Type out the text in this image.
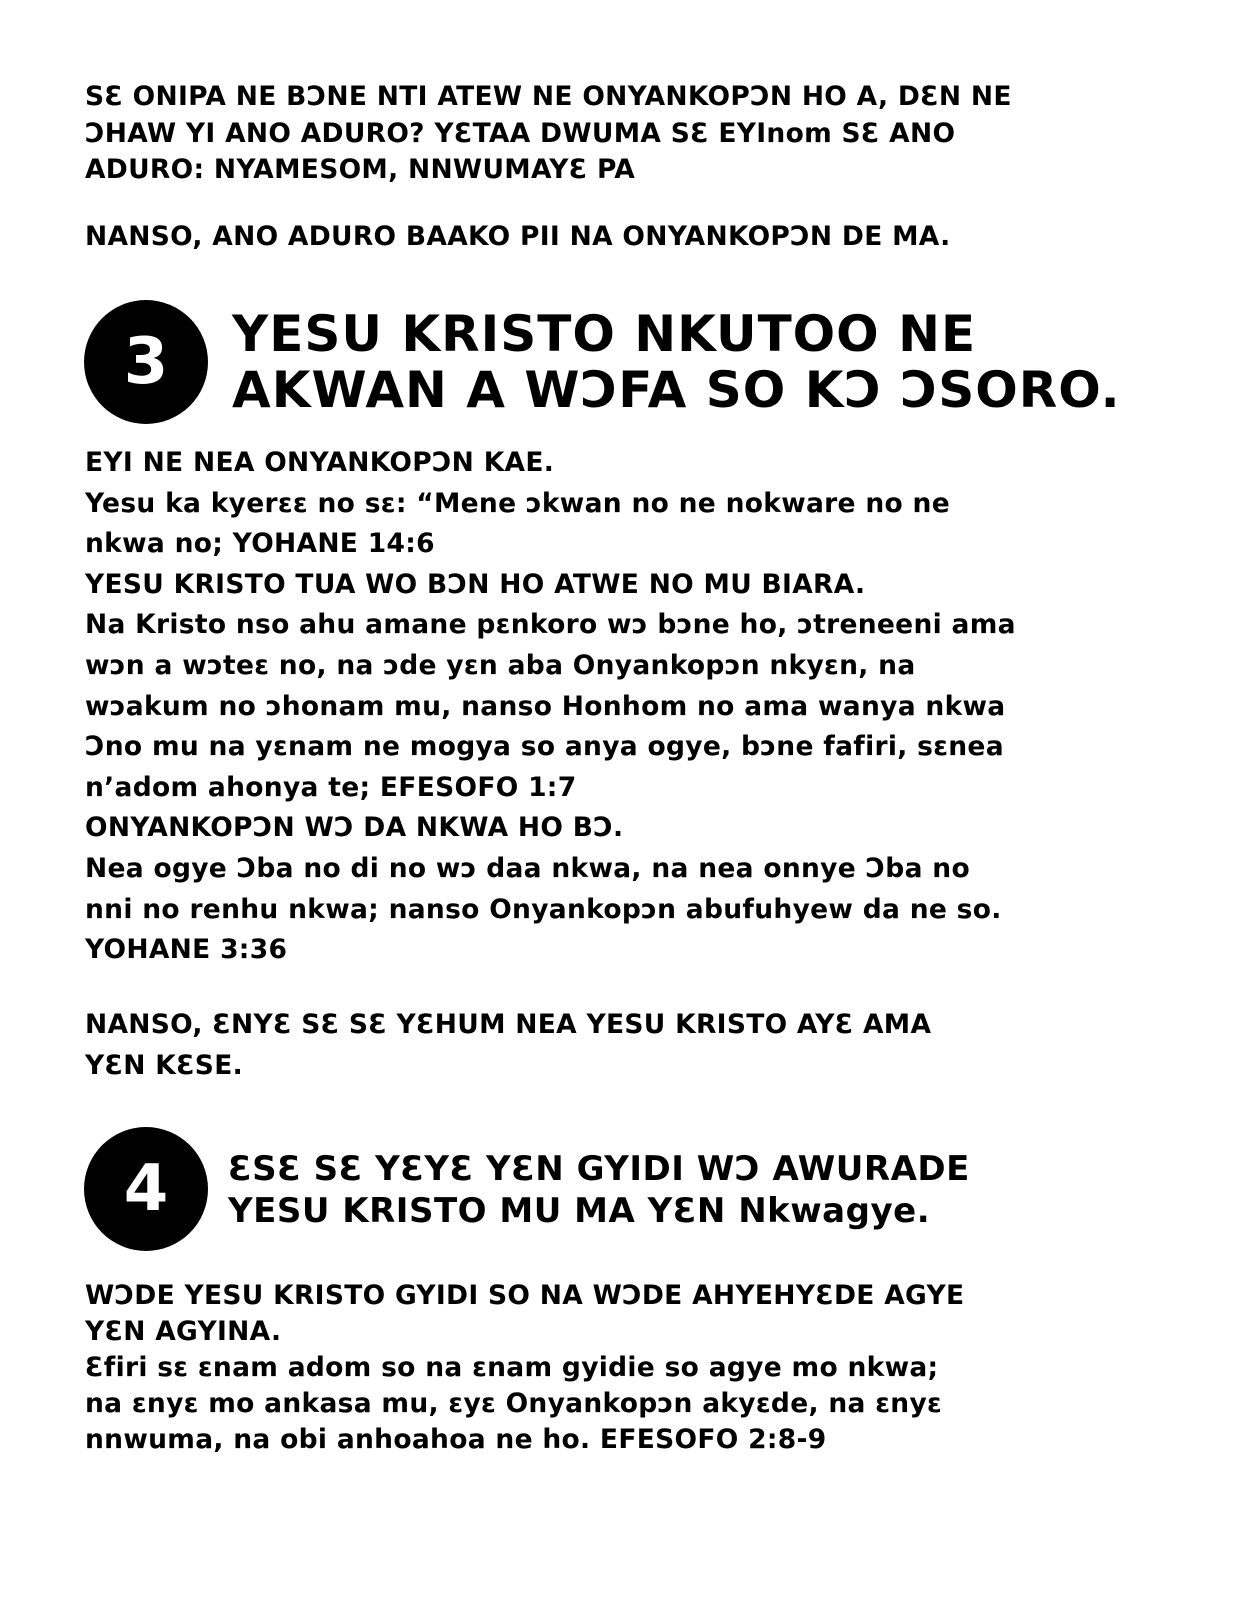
SƐ ONIPA NE BƆNE NTI ATEW NE ONYANKOPƆN HO A, DƐN NE

ƆHAW YI ANO ADURO? YƐTAA DWUMA SƐ EYInom SƐ ANO

ADURO: NYAMESOM, NNWUMAYƐ PA

NANSO, ANO ADURO BAAKO PII NA ONYANKOPƆN DE MA.

3 YESU KRISTO NKUTOO NE

AKWAN A WƆFA SO KƆ ƆSORO.

EYI NE NEA ONYANKOPƆN KAE.

Yesu ka kyerɛɛ no sɛ: “Mene ɔkwan no ne nokware no ne

nkwa no; YOHANE 14:6

YESU KRISTO TUA WO BƆN HO ATWE NO MU BIARA.

Na Kristo nso ahu amane pɛnkoro wɔ bɔne ho, ɔtreneeni ama

wɔn a wɔteɛ no, na ɔde yɛn aba Onyankopɔn nkyɛn, na

wɔakum no ɔhonam mu, nanso Honhom no ama wanya nkwa

Ɔno mu na yɛnam ne mogya so anya ogye, bɔne fafiri, sɛnea

n’adom ahonya te; EFESOFO 1:7

ONYANKOPƆN WƆ DA NKWA HO BƆ.

Nea ogye Ɔba no di no wɔ daa nkwa, na nea onnye Ɔba no

nni no renhu nkwa; nanso Onyankopɔn abufuhyew da ne so.

YOHANE 3:36

NANSO, ƐNYƐ SƐ SƐ YƐHUM NEA YESU KRISTO AYƐ AMA

YƐN KƐSE.

4 ƐSƐ SƐ YƐYƐ YƐN GYIDI WƆ AWURADE

YESU KRISTO MU MA YƐN Nkwagye.

WƆDE YESU KRISTO GYIDI SO NA WƆDE AHYEHYƐDE AGYE

YƐN AGYINA.

Ɛfiri sɛ ɛnam adom so na ɛnam gyidie so agye mo nkwa;

na ɛnyɛ mo ankasa mu, ɛyɛ Onyankopɔn akyɛde, na ɛnyɛ

nnwuma, na obi anhoahoa ne ho. EFESOFO 2:8-9
